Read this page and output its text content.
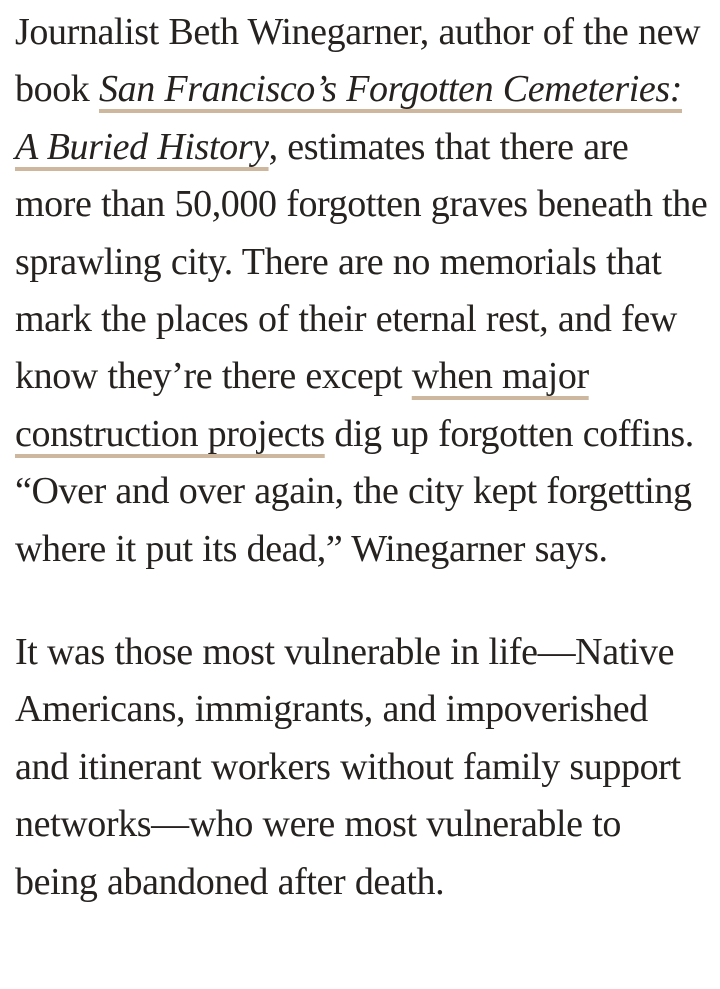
Journalist Beth Winegarner, author of the new book San Francisco’s Forgotten Cemeteries: A Buried History, estimates that there are more than 50,000 forgotten graves beneath the sprawling city. There are no memorials that mark the places of their eternal rest, and few know they’re there except when major construction projects dig up forgotten coffins. “Over and over again, the city kept forgetting where it put its dead,” Winegarner says.

It was those most vulnerable in life—Native Americans, immigrants, and impoverished and itinerant workers without family support networks—who were most vulnerable to being abandoned after death.
